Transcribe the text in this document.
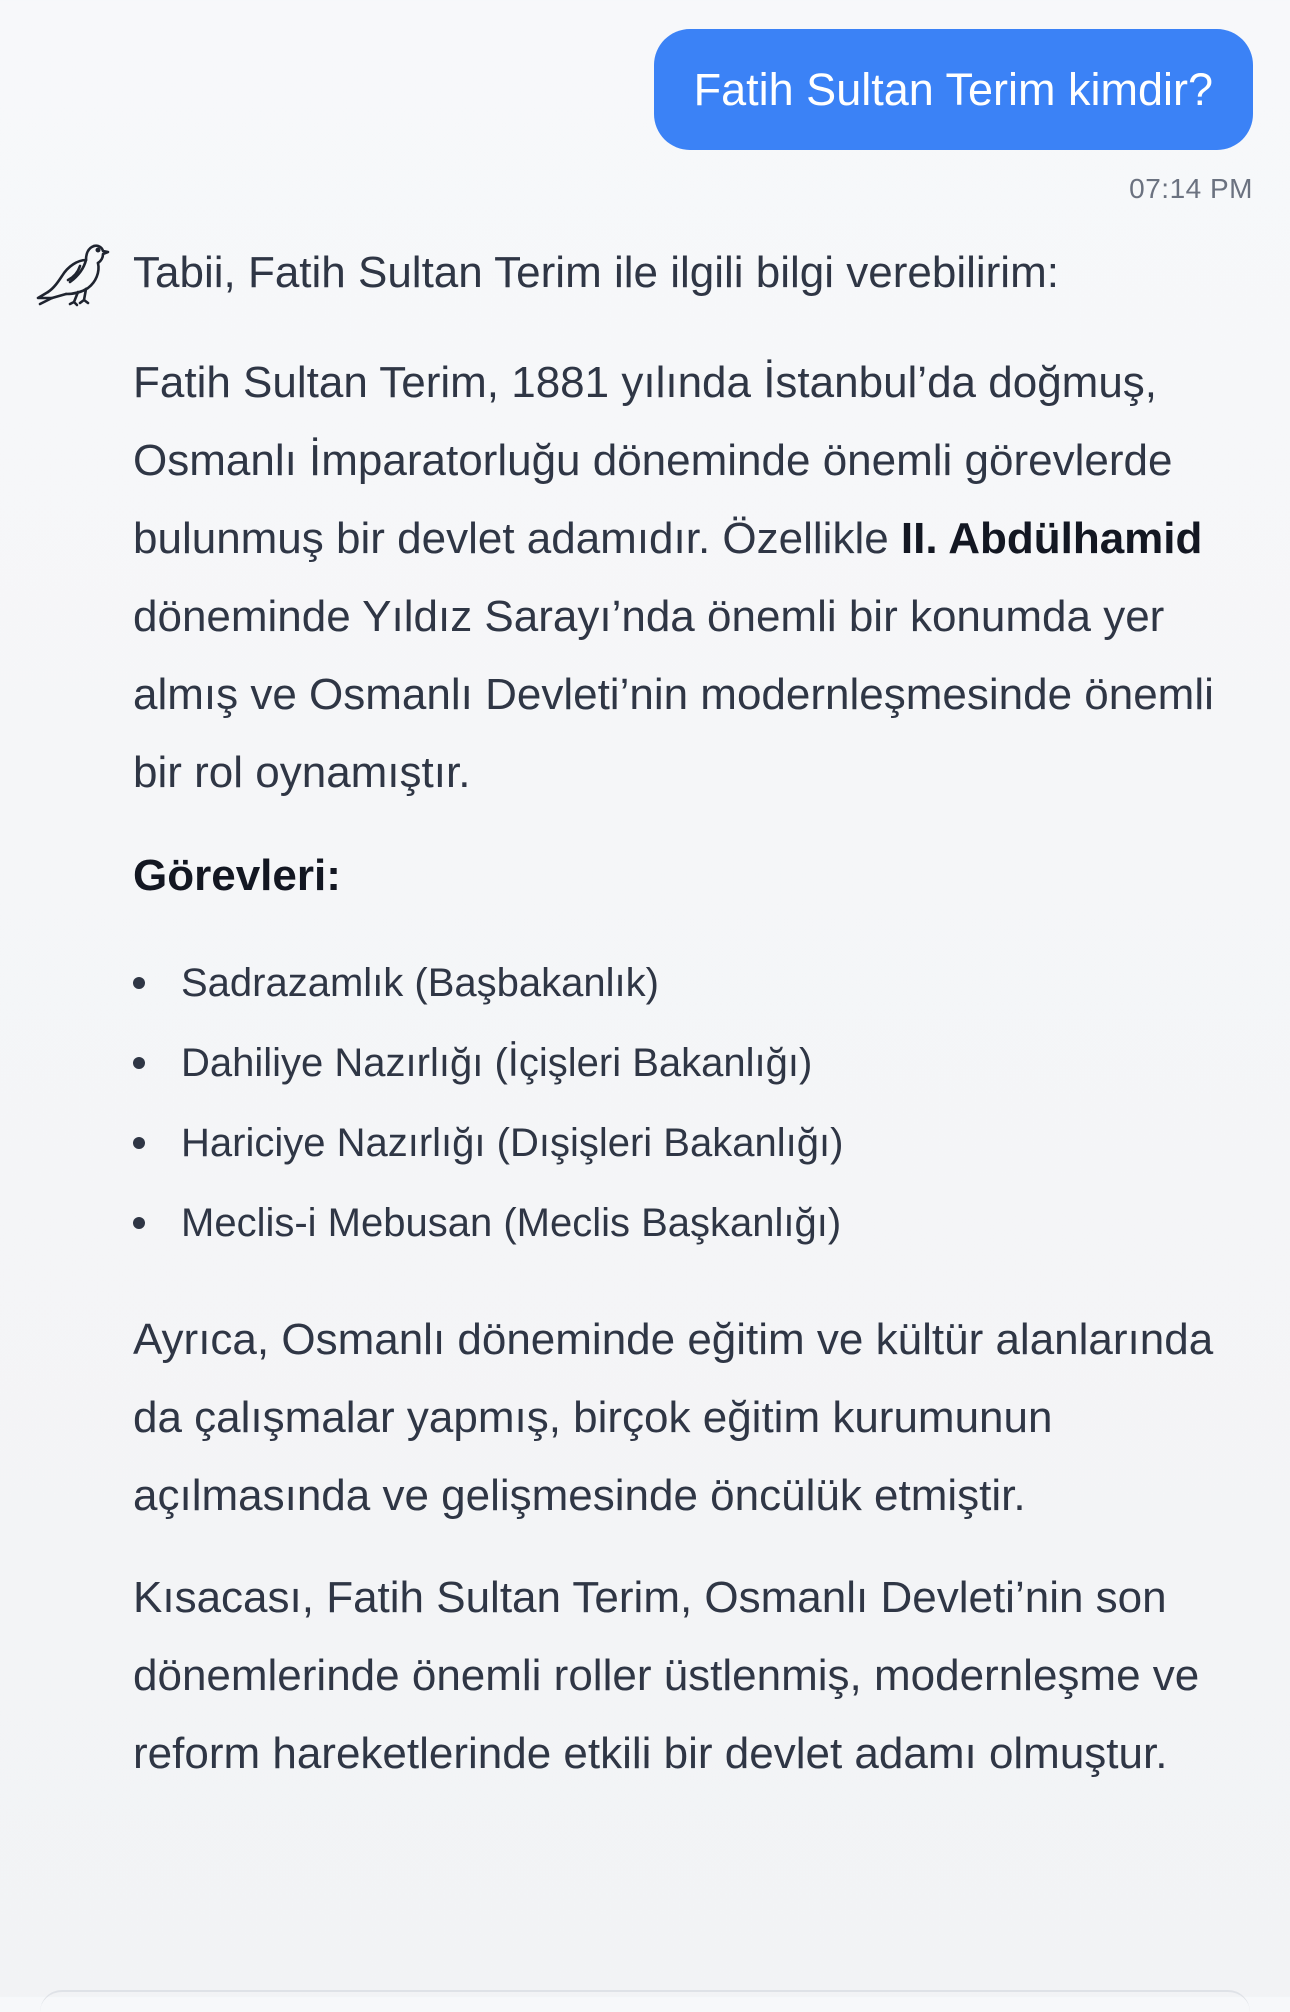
Fatih Sultan Terim kimdir?
07:14 PM

Tabii, Fatih Sultan Terim ile ilgili bilgi verebilirim:

Fatih Sultan Terim, 1881 yılında İstanbul’da doğmuş, Osmanlı İmparatorluğu döneminde önemli görevlerde bulunmuş bir devlet adamıdır. Özellikle II. Abdülhamid döneminde Yıldız Sarayı’nda önemli bir konumda yer almış ve Osmanlı Devleti’nin modernleşmesinde önemli bir rol oynamıştır.

Görevleri:
Sadrazamlık (Başbakanlık)
Dahiliye Nazırlığı (İçişleri Bakanlığı)
Hariciye Nazırlığı (Dışişleri Bakanlığı)
Meclis-i Mebusan (Meclis Başkanlığı)

Ayrıca, Osmanlı döneminde eğitim ve kültür alanlarında da çalışmalar yapmış, birçok eğitim kurumunun açılmasında ve gelişmesinde öncülük etmiştir.

Kısacası, Fatih Sultan Terim, Osmanlı Devleti’nin son dönemlerinde önemli roller üstlenmiş, modernleşme ve reform hareketlerinde etkili bir devlet adamı olmuştur.
